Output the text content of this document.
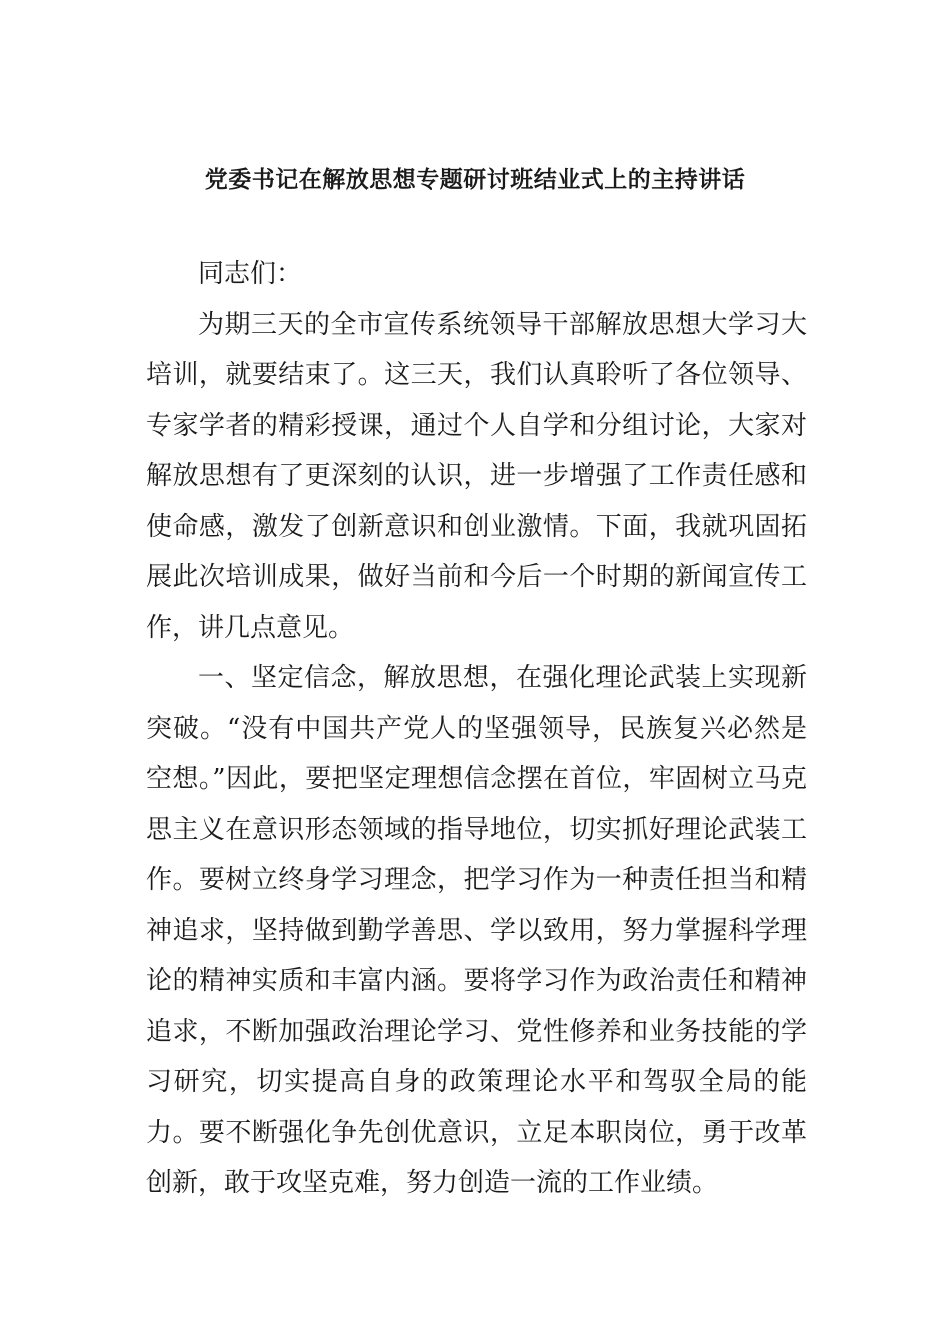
党委书记在解放思想专题研讨班结业式上的主持讲话

同志们：

为期三天的全市宣传系统领导干部解放思想大学习大培训，就要结束了。这三天，我们认真聆听了各位领导、专家学者的精彩授课，通过个人自学和分组讨论，大家对解放思想有了更深刻的认识，进一步增强了工作责任感和使命感，激发了创新意识和创业激情。下面，我就巩固拓展此次培训成果，做好当前和今后一个时期的新闻宣传工作，讲几点意见。

一、坚定信念，解放思想，在强化理论武装上实现新突破。“没有中国共产党人的坚强领导，民族复兴必然是空想。”因此，要把坚定理想信念摆在首位，牢固树立马克思主义在意识形态领域的指导地位，切实抓好理论武装工作。要树立终身学习理念，把学习作为一种责任担当和精神追求，坚持做到勤学善思、学以致用，努力掌握科学理论的精神实质和丰富内涵。要将学习作为政治责任和精神追求，不断加强政治理论学习、党性修养和业务技能的学习研究，切实提高自身的政策理论水平和驾驭全局的能力。要不断强化争先创优意识，立足本职岗位，勇于改革创新，敢于攻坚克难，努力创造一流的工作业绩。
